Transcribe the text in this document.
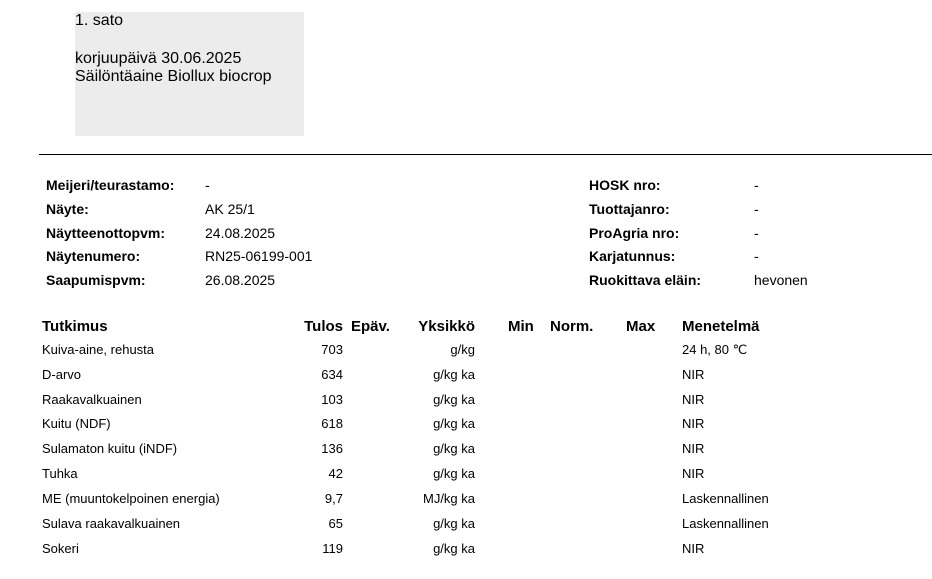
1. sato
korjuupäivä 30.06.2025
Säilöntäaine Biollux biocrop
Meijeri/teurastamo: -
Näyte:	AK 25/1
Näytteenottopvm:	24.08.2025
Näytenumero:	RN25-06199-001
Saapumispvm:	26.08.2025
HOSK nro:	-
Tuottajanro:	-
ProAgria nro:	-
Karjatunnus:	-
Ruokittava eläin:	hevonen
Tutkimus	Tulos Epäv.	Yksikkö Min Norm. Max Menetelmä
Kuiva-aine, rehusta	703	g/kg	24 h, 80 ℃
D-arvo	634	g/kg ka	NIR
Raakavalkuainen	103	g/kg ka	NIR
Kuitu (NDF)	618	g/kg ka	NIR
Sulamaton kuitu (iNDF)	136	g/kg ka	NIR
Tuhka	42	g/kg ka	NIR
ME (muuntokelpoinen energia)	9,7	MJ/kg ka	Laskennallinen
Sulava raakavalkuainen	65	g/kg ka	Laskennallinen
Sokeri	119	g/kg ka	NIR
